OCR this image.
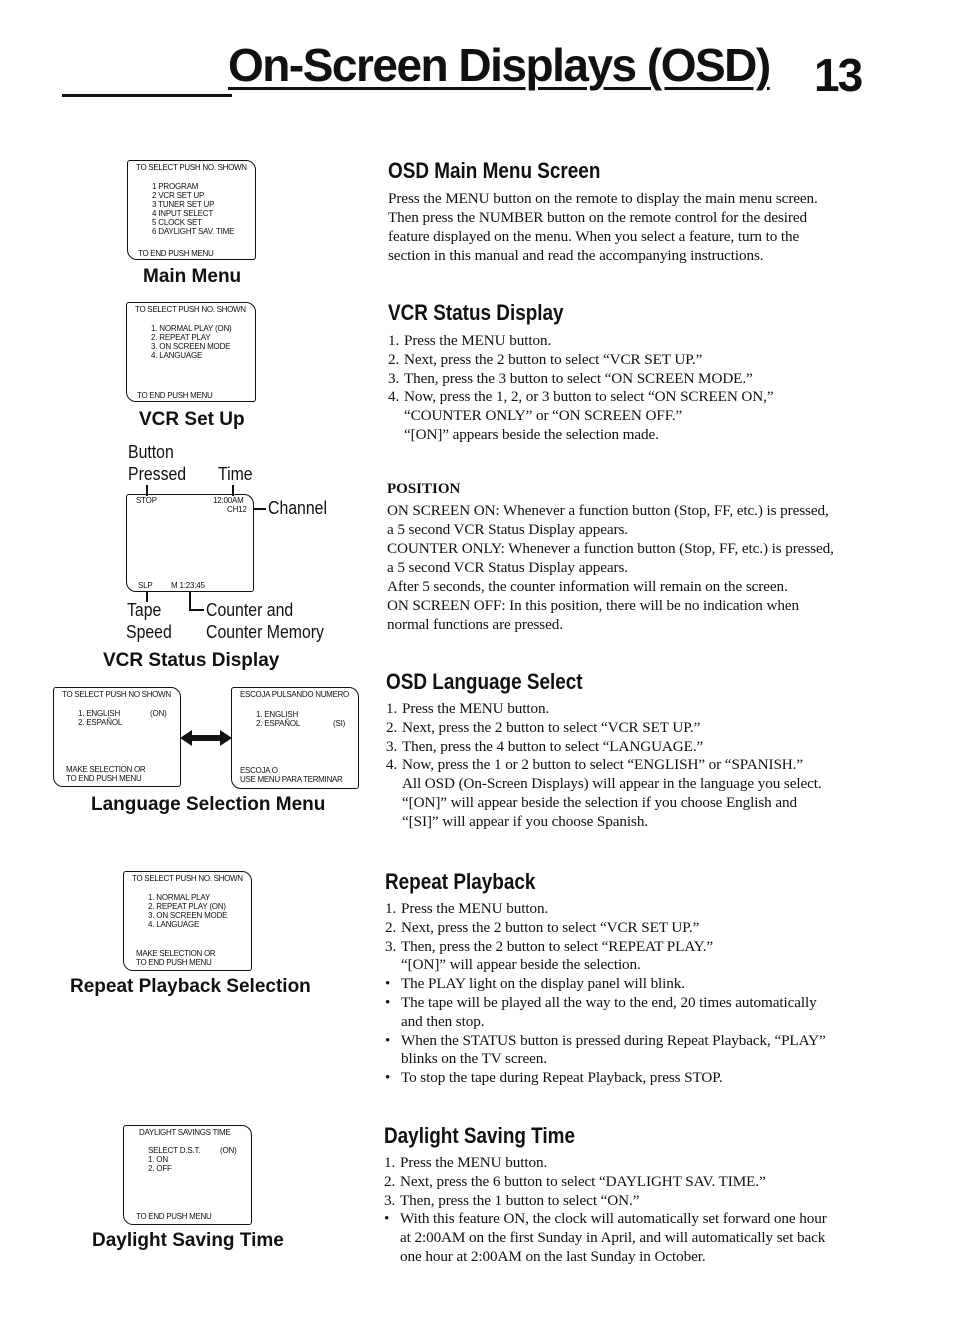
On-Screen Displays (OSD) 13
TO SELECT PUSH NO. SHOWN
1 PROGRAM
2 VCR SET UP
3 TUNER SET UP
4 INPUT SELECT
5 CLOCK SET
6 DAYLIGHT SAV. TIME
TO END PUSH MENU
Main Menu
TO SELECT PUSH NO. SHOWN
1. NORMAL PLAY (ON)
2. REPEAT PLAY
3. ON SCREEN MODE
4. LANGUAGE
TO END PUSH MENU
VCR Set Up
Button
Pressed Time
STOP	12:00AM
CH12
SLP M 1:23:45
Channel
Tape
Speed
Counter and
Counter Memory
VCR Status Display
TO SELECT PUSH NO SHOWN
1. ENGLISH	(ON)
2. ESPAÑOL
MAKE SELECTION OR
TO END PUSH MENU
ESCOJA PULSANDO NUMERO
1. ENGLISH
2. ESPAÑOL	(SI)
ESCOJA O
USE MENU PARA TERMINAR
Language Selection Menu
TO SELECT PUSH NO. SHOWN
1. NORMAL PLAY
2. REPEAT PLAY (ON)
3. ON SCREEN MODE
4. LANGUAGE
MAKE SELECTION OR
TO END PUSH MENU
Repeat Playback Selection
DAYLIGHT SAVINGS TIME
SELECT D.S.T. (ON)
1. ON
2. OFF
TO END PUSH MENU
Daylight Saving Time
OSD Main Menu Screen
Press the MENU button on the remote to display the main menu screen.
Then press the NUMBER button on the remote control for the desired
feature displayed on the menu. When you select a feature, turn to the
section in this manual and read the accompanying instructions.
VCR Status Display
1. Press the MENU button.
2. Next, press the 2 button to select “VCR SET UP.”
3. Then, press the 3 button to select “ON SCREEN MODE.”
4. Now, press the 1, 2, or 3 button to select “ON SCREEN ON,”
“COUNTER ONLY” or “ON SCREEN OFF.”
“[ON]” appears beside the selection made.
POSITION
ON SCREEN ON: Whenever a function button (Stop, FF, etc.) is pressed,
a 5 second VCR Status Display appears.
COUNTER ONLY: Whenever a function button (Stop, FF, etc.) is pressed,
a 5 second VCR Status Display appears.
After 5 seconds, the counter information will remain on the screen.
ON SCREEN OFF: In this position, there will be no indication when
normal functions are pressed.
OSD Language Select
1. Press the MENU button.
2. Next, press the 2 button to select “VCR SET UP.”
3. Then, press the 4 button to select “LANGUAGE.”
4. Now, press the 1 or 2 button to select “ENGLISH” or “SPANISH.”
All OSD (On-Screen Displays) will appear in the language you select.
“[ON]” will appear beside the selection if you choose English and
“[SI]” will appear if you choose Spanish.
Repeat Playback
1. Press the MENU button.
2. Next, press the 2 button to select “VCR SET UP.”
3. Then, press the 2 button to select “REPEAT PLAY.”
“[ON]” will appear beside the selection.
• The PLAY light on the display panel will blink.
• The tape will be played all the way to the end, 20 times automatically
and then stop.
• When the STATUS button is pressed during Repeat Playback, “PLAY”
blinks on the TV screen.
• To stop the tape during Repeat Playback, press STOP.
Daylight Saving Time
1. Press the MENU button.
2. Next, press the 6 button to select “DAYLIGHT SAV. TIME.”
3. Then, press the 1 button to select “ON.”
• With this feature ON, the clock will automatically set forward one hour
at 2:00AM on the first Sunday in April, and will automatically set back
one hour at 2:00AM on the last Sunday in October.
